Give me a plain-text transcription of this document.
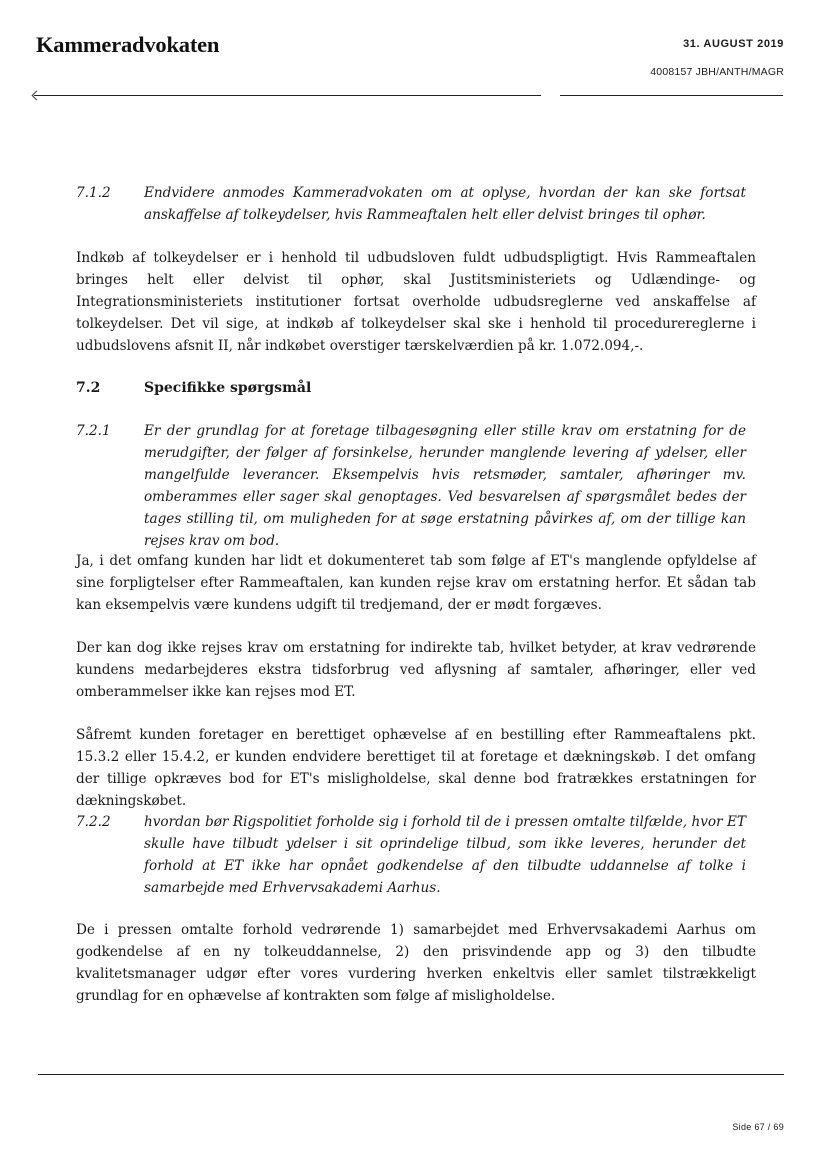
Kammeradvokaten	31. AUGUST 2019
4008157 JBH/ANTH/MAGR
7.1.2 Endvidere anmodes Kammeradvokaten om at oplyse, hvordan der kan ske fortsat anskaffelse af tolkeydelser, hvis Rammeaftalen helt eller delvist bringes til ophør.
Indkøb af tolkeydelser er i henhold til udbudsloven fuldt udbudspligtigt. Hvis Rammeaftalen bringes helt eller delvist til ophør, skal Justitsministeriets og Udlændinge- og Integrationsministeriets institutioner fortsat overholde udbudsreglerne ved anskaffelse af tolkeydelser. Det vil sige, at indkøb af tolkeydelser skal ske i henhold til procedurereglerne i udbudslovens afsnit II, når indkøbet overstiger tærskelværdien på kr. 1.072.094,-.
7.2	Specifikke spørgsmål
7.2.1 Er der grundlag for at foretage tilbagesøgning eller stille krav om erstatning for de merudgifter, der følger af forsinkelse, herunder manglende levering af ydelser, eller mangelfulde leverancer. Eksempelvis hvis retsmøder, samtaler, afhøringer mv. omberammes eller sager skal genoptages. Ved besvarelsen af spørgsmålet bedes der tages stilling til, om muligheden for at søge erstatning påvirkes af, om der tillige kan rejses krav om bod.
Ja, i det omfang kunden har lidt et dokumenteret tab som følge af ET's manglende opfyldelse af sine forpligtelser efter Rammeaftalen, kan kunden rejse krav om erstatning herfor. Et sådan tab kan eksempelvis være kundens udgift til tredjemand, der er mødt forgæves.
Der kan dog ikke rejses krav om erstatning for indirekte tab, hvilket betyder, at krav vedrørende kundens medarbejderes ekstra tidsforbrug ved aflysning af samtaler, afhøringer, eller ved omberammelser ikke kan rejses mod ET.
Såfremt kunden foretager en berettiget ophævelse af en bestilling efter Rammeaftalens pkt. 15.3.2 eller 15.4.2, er kunden endvidere berettiget til at foretage et dækningskøb. I det omfang der tillige opkræves bod for ET's misligholdelse, skal denne bod fratrækkes erstatningen for dækningskøbet.
7.2.2 hvordan bør Rigspolitiet forholde sig i forhold til de i pressen omtalte tilfælde, hvor ET skulle have tilbudt ydelser i sit oprindelige tilbud, som ikke leveres, herunder det forhold at ET ikke har opnået godkendelse af den tilbudte uddannelse af tolke i samarbejde med Erhvervsakademi Aarhus.
De i pressen omtalte forhold vedrørende 1) samarbejdet med Erhvervsakademi Aarhus om godkendelse af en ny tolkeuddannelse, 2) den prisvindende app og 3) den tilbudte kvalitetsmanager udgør efter vores vurdering hverken enkeltvis eller samlet tilstrækkeligt grundlag for en ophævelse af kontrakten som følge af misligholdelse.
Side 67 / 69
